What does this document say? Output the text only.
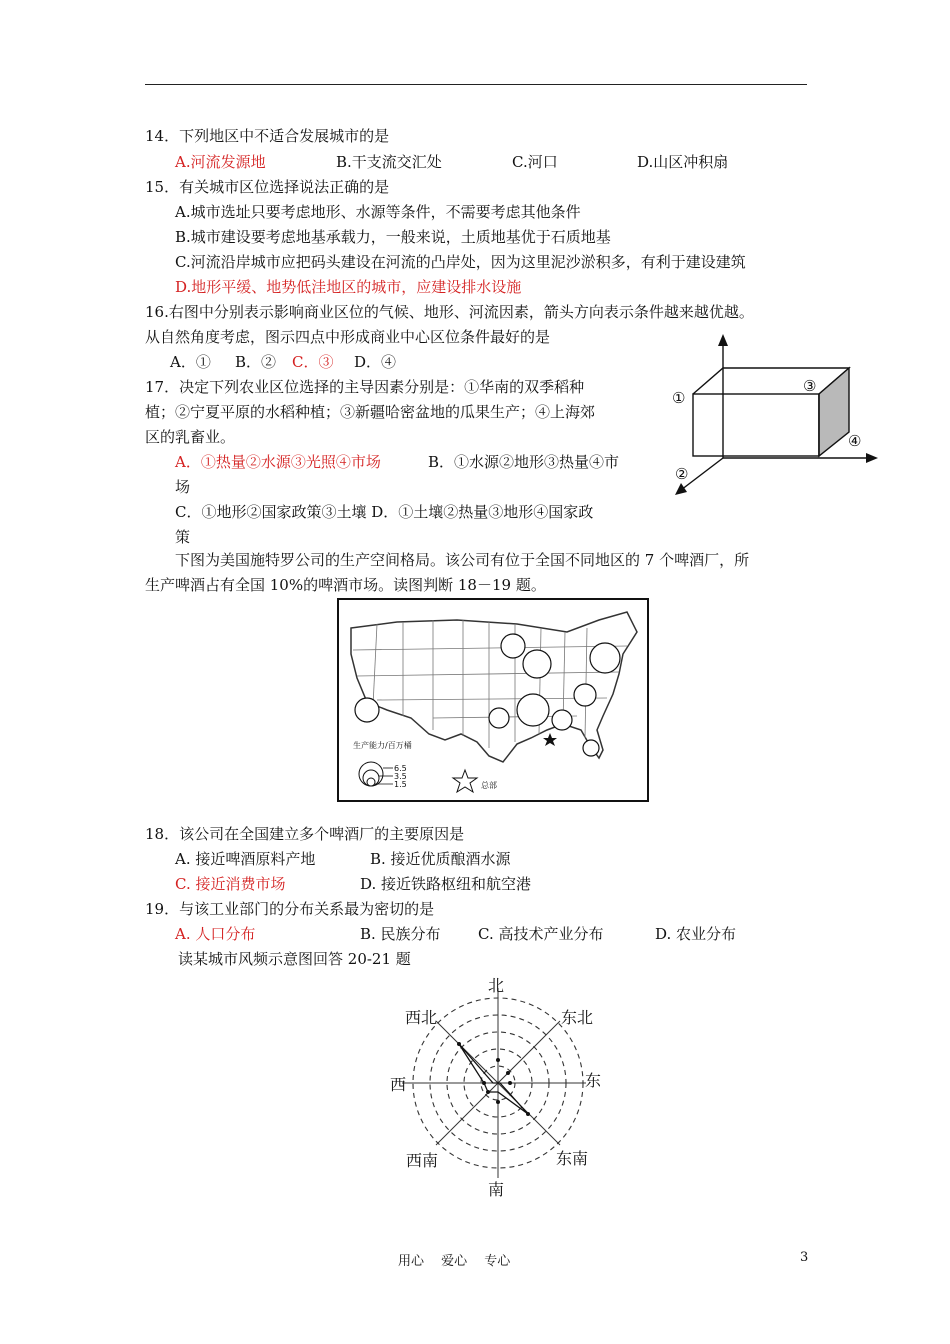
14．下列地区中不适合发展城市的是
A.河流发源地	B.干支流交汇处	C.河口	D.山区冲积扇
15．有关城市区位选择说法正确的是
A.城市选址只要考虑地形、水源等条件，不需要考虑其他条件
B.城市建设要考虑地基承载力，一般来说，土质地基优于石质地基
C.河流沿岸城市应把码头建设在河流的凸岸处，因为这里泥沙淤积多，有利于建设建筑
D.地形平缓、地势低洼地区的城市，应建设排水设施
16.右图中分别表示影响商业区位的气候、地形、河流因素，箭头方向表示条件越来越优越。
从自然角度考虑，图示四点中形成商业中心区位条件最好的是
A．① B．② C．③ D．④
17．决定下列农业区位选择的主导因素分别是：①华南的双季稻种
植；②宁夏平原的水稻种植；③新疆哈密盆地的瓜果生产；④上海郊
区的乳畜业。
A．①热量②水源③光照④市场	B．①水源②地形③热量④市
场
C．①地形②国家政策③土壤 D．①土壤②热量③地形④国家政
策
①
②
③
④
下图为美国施特罗公司的生产空间格局。该公司有位于全国不同地区的 7 个啤酒厂，所
生产啤酒占有全国 10%的啤酒市场。读图判断 18－19 题。
生产能力/百万桶
6.5
3.5
1.5	总部
18．该公司在全国建立多个啤酒厂的主要原因是
A. 接近啤酒原料产地	B. 接近优质酿酒水源
C. 接近消费市场	D. 接近铁路枢纽和航空港
19．与该工业部门的分布关系最为密切的是
A. 人口分布	B. 民族分布 C. 高技术产业分布	D. 农业分布
读某城市风频示意图回答 20-21 题
北
东北
东
东南
南
西南
西
西北
用心　 爱心　 专心	3
